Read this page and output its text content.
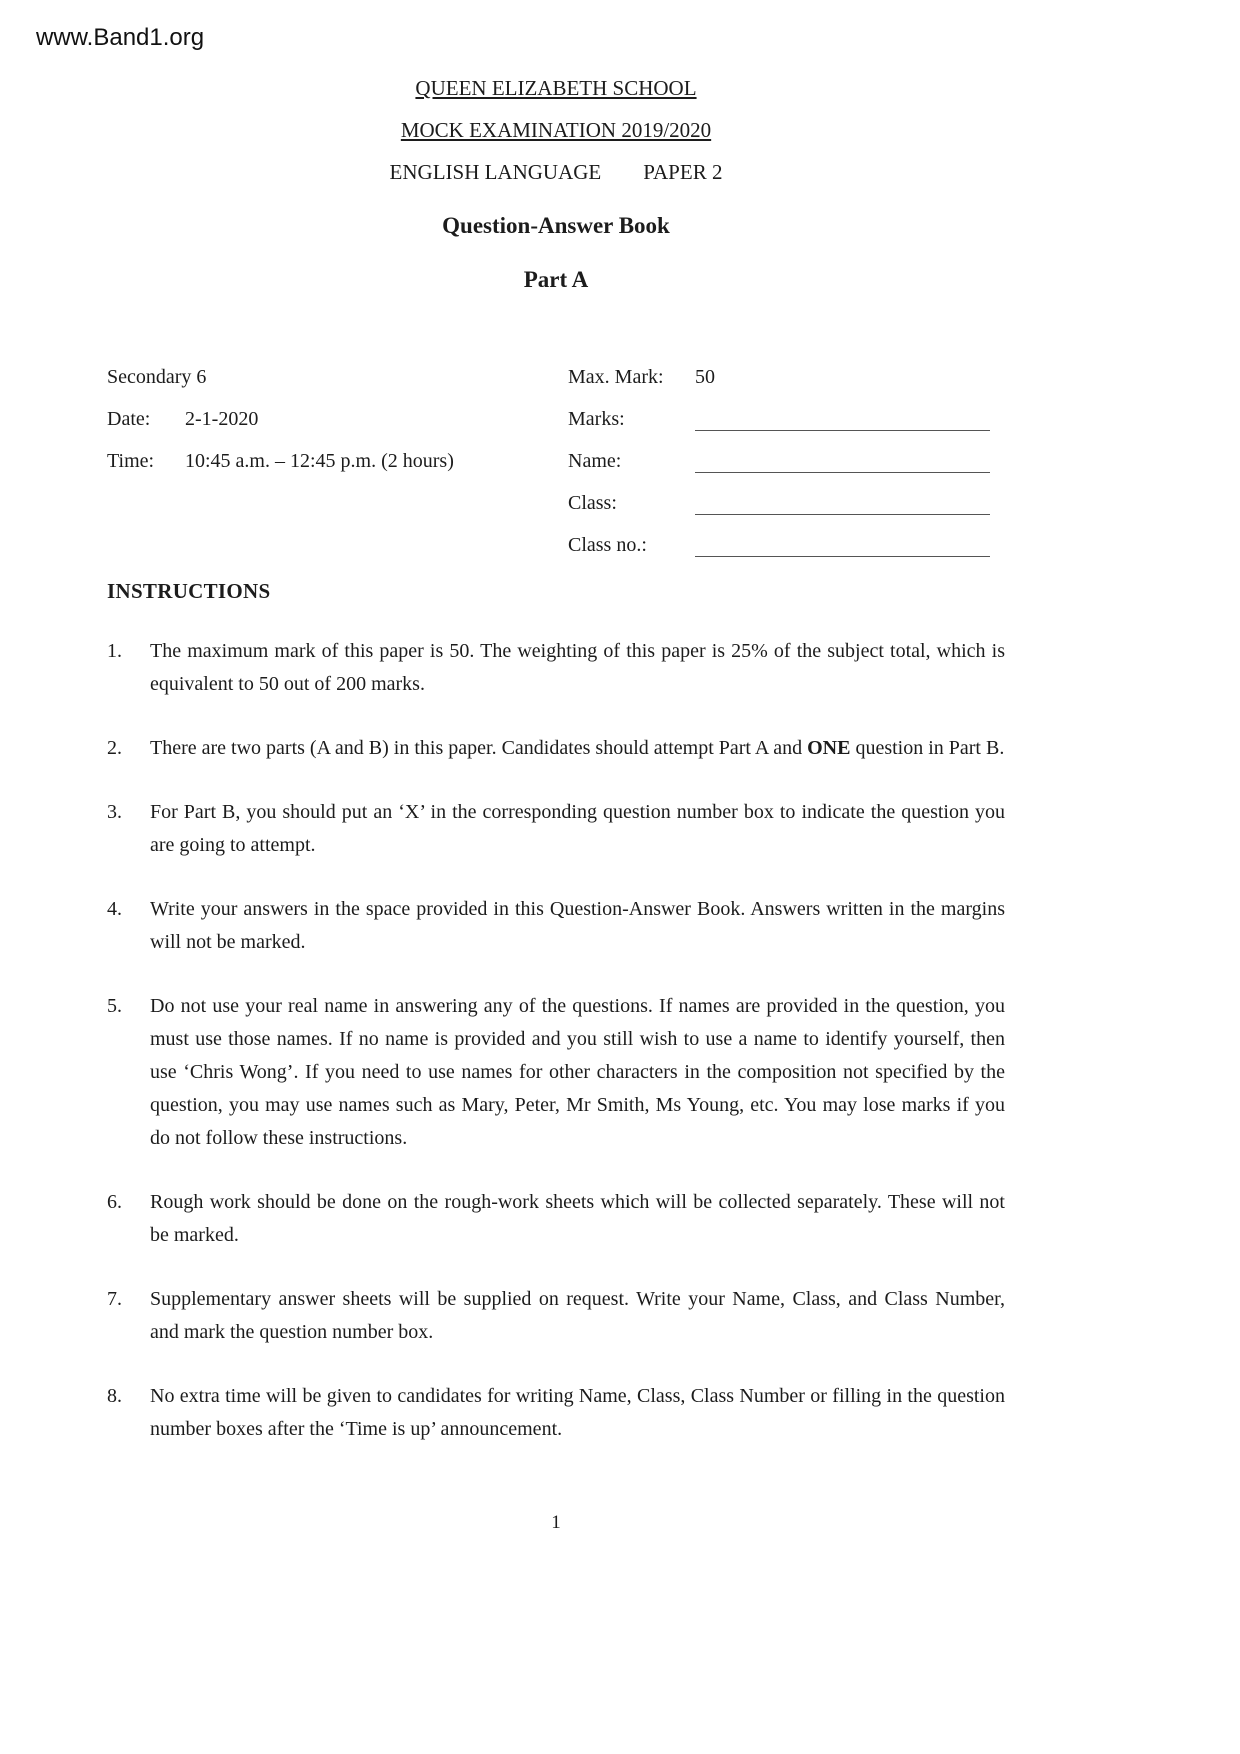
www.Band1.org
QUEEN ELIZABETH SCHOOL
MOCK EXAMINATION 2019/2020
ENGLISH LANGUAGE PAPER 2
Question-Answer Book
Part A
Secondary 6
Date:	2-1-2020
Time:	10:45 a.m. – 12:45 p.m. (2 hours)
Max. Mark:	50
Marks:
Name:
Class:
Class no.:
INSTRUCTIONS
1.	The maximum mark of this paper is 50. The weighting of this paper is 25% of the subject total, which is equivalent to 50 out of 200 marks.
2.	There are two parts (A and B) in this paper. Candidates should attempt Part A and ONE question in Part B.
3.	For Part B, you should put an ‘X’ in the corresponding question number box to indicate the question you are going to attempt.
4.	Write your answers in the space provided in this Question-Answer Book. Answers written in the margins will not be marked.
5.	Do not use your real name in answering any of the questions. If names are provided in the question, you must use those names. If no name is provided and you still wish to use a name to identify yourself, then use ‘Chris Wong’. If you need to use names for other characters in the composition not specified by the question, you may use names such as Mary, Peter, Mr Smith, Ms Young, etc. You may lose marks if you do not follow these instructions.
6.	Rough work should be done on the rough-work sheets which will be collected separately. These will not be marked.
7.	Supplementary answer sheets will be supplied on request. Write your Name, Class, and Class Number, and mark the question number box.
8.	No extra time will be given to candidates for writing Name, Class, Class Number or filling in the question number boxes after the ‘Time is up’ announcement.
1
